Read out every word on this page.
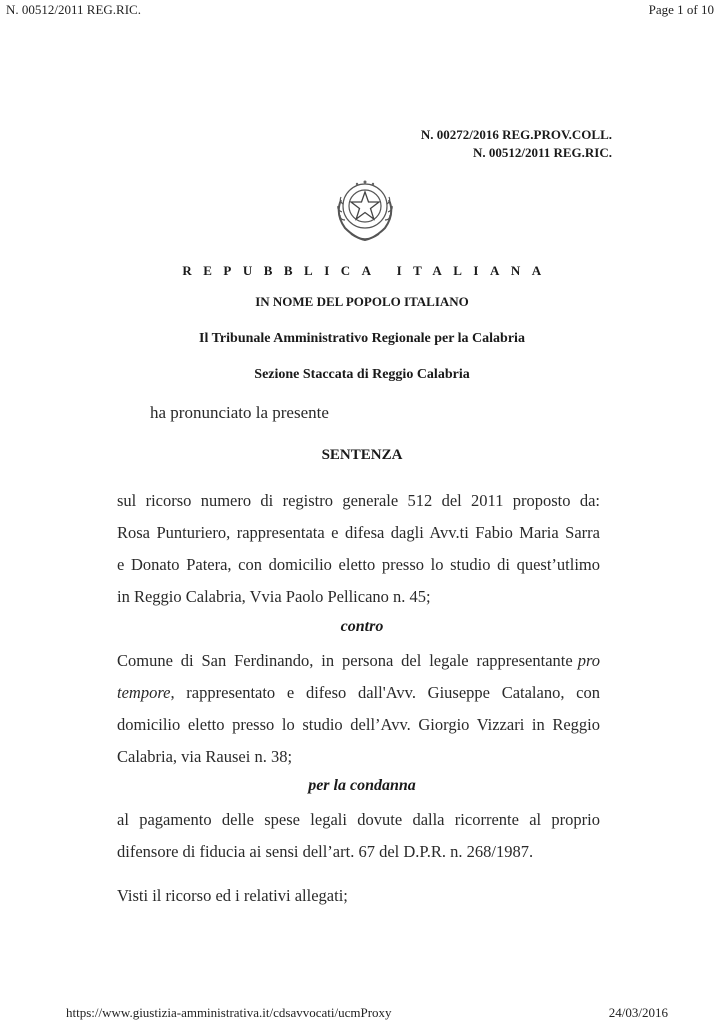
N. 00512/2011 REG.RIC.	Page 1 of 10
N. 00272/2016 REG.PROV.COLL.
N. 00512/2011 REG.RIC.
REPUBBLICA ITALIANA
IN NOME DEL POPOLO ITALIANO
Il Tribunale Amministrativo Regionale per la Calabria
Sezione Staccata di Reggio Calabria
ha pronunciato la presente
SENTENZA
sul ricorso numero di registro generale 512 del 2011 proposto da:
Rosa Punturiero, rappresentata e difesa dagli Avv.ti Fabio Maria Sarra
e Donato Patera, con domicilio eletto presso lo studio di quest’utlimo
in Reggio Calabria, Vvia Paolo Pellicano n. 45;
contro
Comune di San Ferdinando, in persona del legale rappresentante pro
tempore, rappresentato e difeso dall'Avv. Giuseppe Catalano, con
domicilio eletto presso lo studio dell’Avv. Giorgio Vizzari in Reggio
Calabria, via Rausei n. 38;
per la condanna
al pagamento delle spese legali dovute dalla ricorrente al proprio
difensore di fiducia ai sensi dell’art. 67 del D.P.R. n. 268/1987.
Visti il ricorso ed i relativi allegati;
https://www.giustizia-amministrativa.it/cdsavvocati/ucmProxy	24/03/2016
